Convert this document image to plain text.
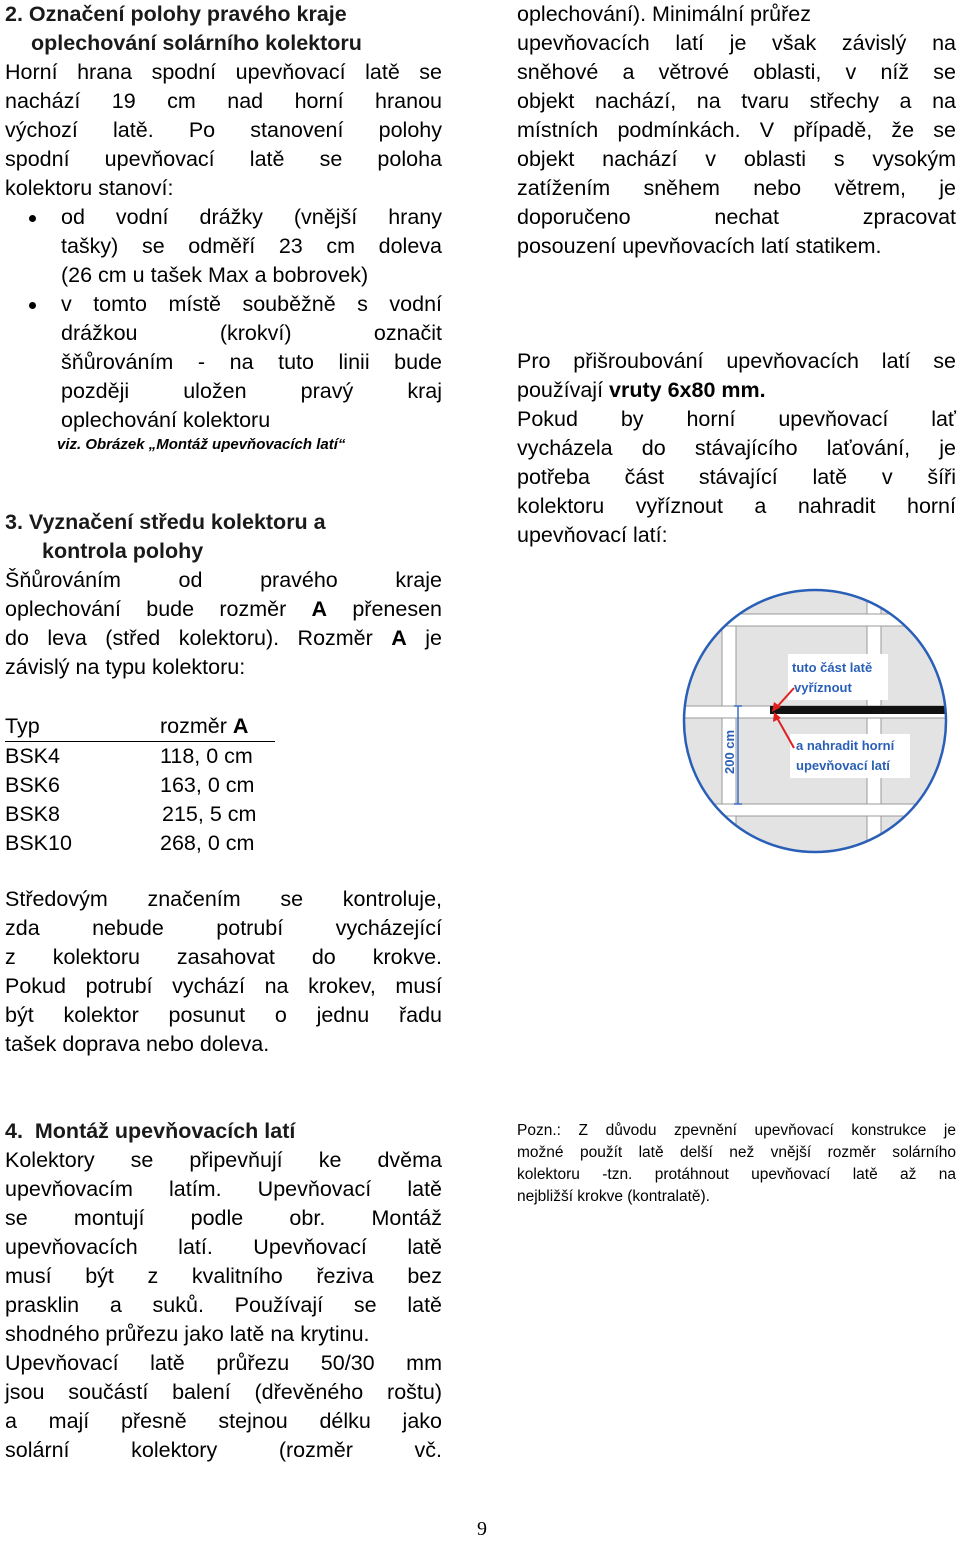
2. Označení polohy pravého kraje
oplechování solárního kolektoru
Horní hrana spodní upevňovací latě se
nachází 19 cm nad horní hranou
výchozí latě. Po stanovení polohy
spodní upevňovací latě se poloha
kolektoru stanoví:
od vodní drážky (vnější hrany
tašky) se odměří 23 cm doleva
(26 cm u tašek Max a bobrovek)
v tomto místě souběžně s vodní
drážkou (krokví) označit
šňůrováním - na tuto linii bude
později uložen pravý kraj
oplechování kolektoru
viz. Obrázek „Montáž upevňovacích latí“
3. Vyznačení středu kolektoru a
kontrola polohy
Šňůrováním od pravého kraje
oplechování bude rozměr A přenesen
do leva (střed kolektoru). Rozměr A je
závislý na typu kolektoru:
Typ	rozměr A
BSK4	118, 0 cm
BSK6	163, 0 cm
BSK8	215, 5 cm
BSK10	268, 0 cm
Středovým značením se kontroluje,
zda nebude potrubí vycházející
z kolektoru zasahovat do krokve.
Pokud potrubí vychází na krokev, musí
být kolektor posunut o jednu řadu
tašek doprava nebo doleva.
4. Montáž upevňovacích latí
Kolektory se připevňují ke dvěma
upevňovacím latím. Upevňovací latě
se montují podle obr. Montáž
upevňovacích latí. Upevňovací latě
musí být z kvalitního řeziva bez
prasklin a suků. Používají se latě
shodného průřezu jako latě na krytinu.
Upevňovací latě průřezu 50/30 mm
jsou součástí balení (dřevěného roštu)
a mají přesně stejnou délku jako
solární kolektory (rozměr vč.
oplechování). Minimální průřez
upevňovacích latí je však závislý na
sněhové a větrové oblasti, v níž se
objekt nachází, na tvaru střechy a na
místních podmínkách. V případě, že se
objekt nachází v oblasti s vysokým
zatížením sněhem nebo větrem, je
doporučeno nechat zpracovat
posouzení upevňovacích latí statikem.
Pro přišroubování upevňovacích latí se
používají vruty 6x80 mm.
Pokud by horní upevňovací lať
vycházela do stávajícího laťování, je
potřeba část stávající latě v šíři
kolektoru vyříznout a nahradit horní
upevňovací latí:
tuto část latě
vyříznout
a nahradit horní
upevňovací latí
200 cm
Pozn.: Z důvodu zpevnění upevňovací konstrukce je
možné použít latě delší než vnější rozměr solárního
kolektoru -tzn. protáhnout upevňovací latě až na
nejbližší krokve (kontralatě).
9
